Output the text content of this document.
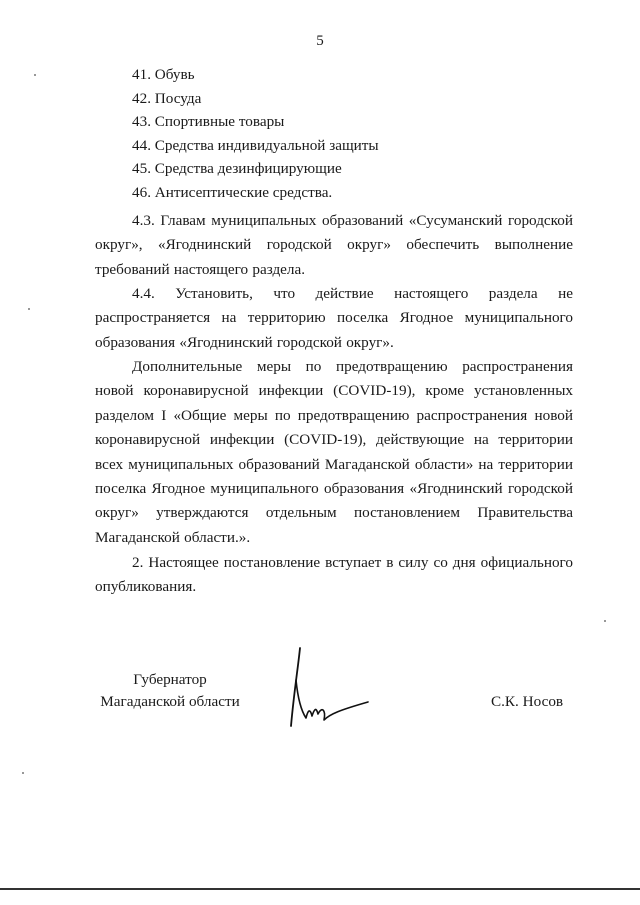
5
41. Обувь
42. Посуда
43. Спортивные товары
44. Средства индивидуальной защиты
45. Средства дезинфицирующие
46. Антисептические средства.

4.3. Главам муниципальных образований «Сусуманский городской округ», «Ягоднинский городской округ» обеспечить выполнение требований настоящего раздела.

4.4. Установить, что действие настоящего раздела не распространяется на территорию поселка Ягодное муниципального образования «Ягоднинский городской округ».

Дополнительные меры по предотвращению распространения новой коронавирусной инфекции (COVID-19), кроме установленных разделом I «Общие меры по предотвращению распространения новой коронавирусной инфекции (COVID-19), действующие на территории всех муниципальных образований Магаданской области» на территории поселка Ягодное муниципального образования «Ягоднинский городской округ» утверждаются отдельным постановлением Правительства Магаданской области.».

2. Настоящее постановление вступает в силу со дня официального опубликования.

Губернатор
Магаданской области	С.К. Носов
